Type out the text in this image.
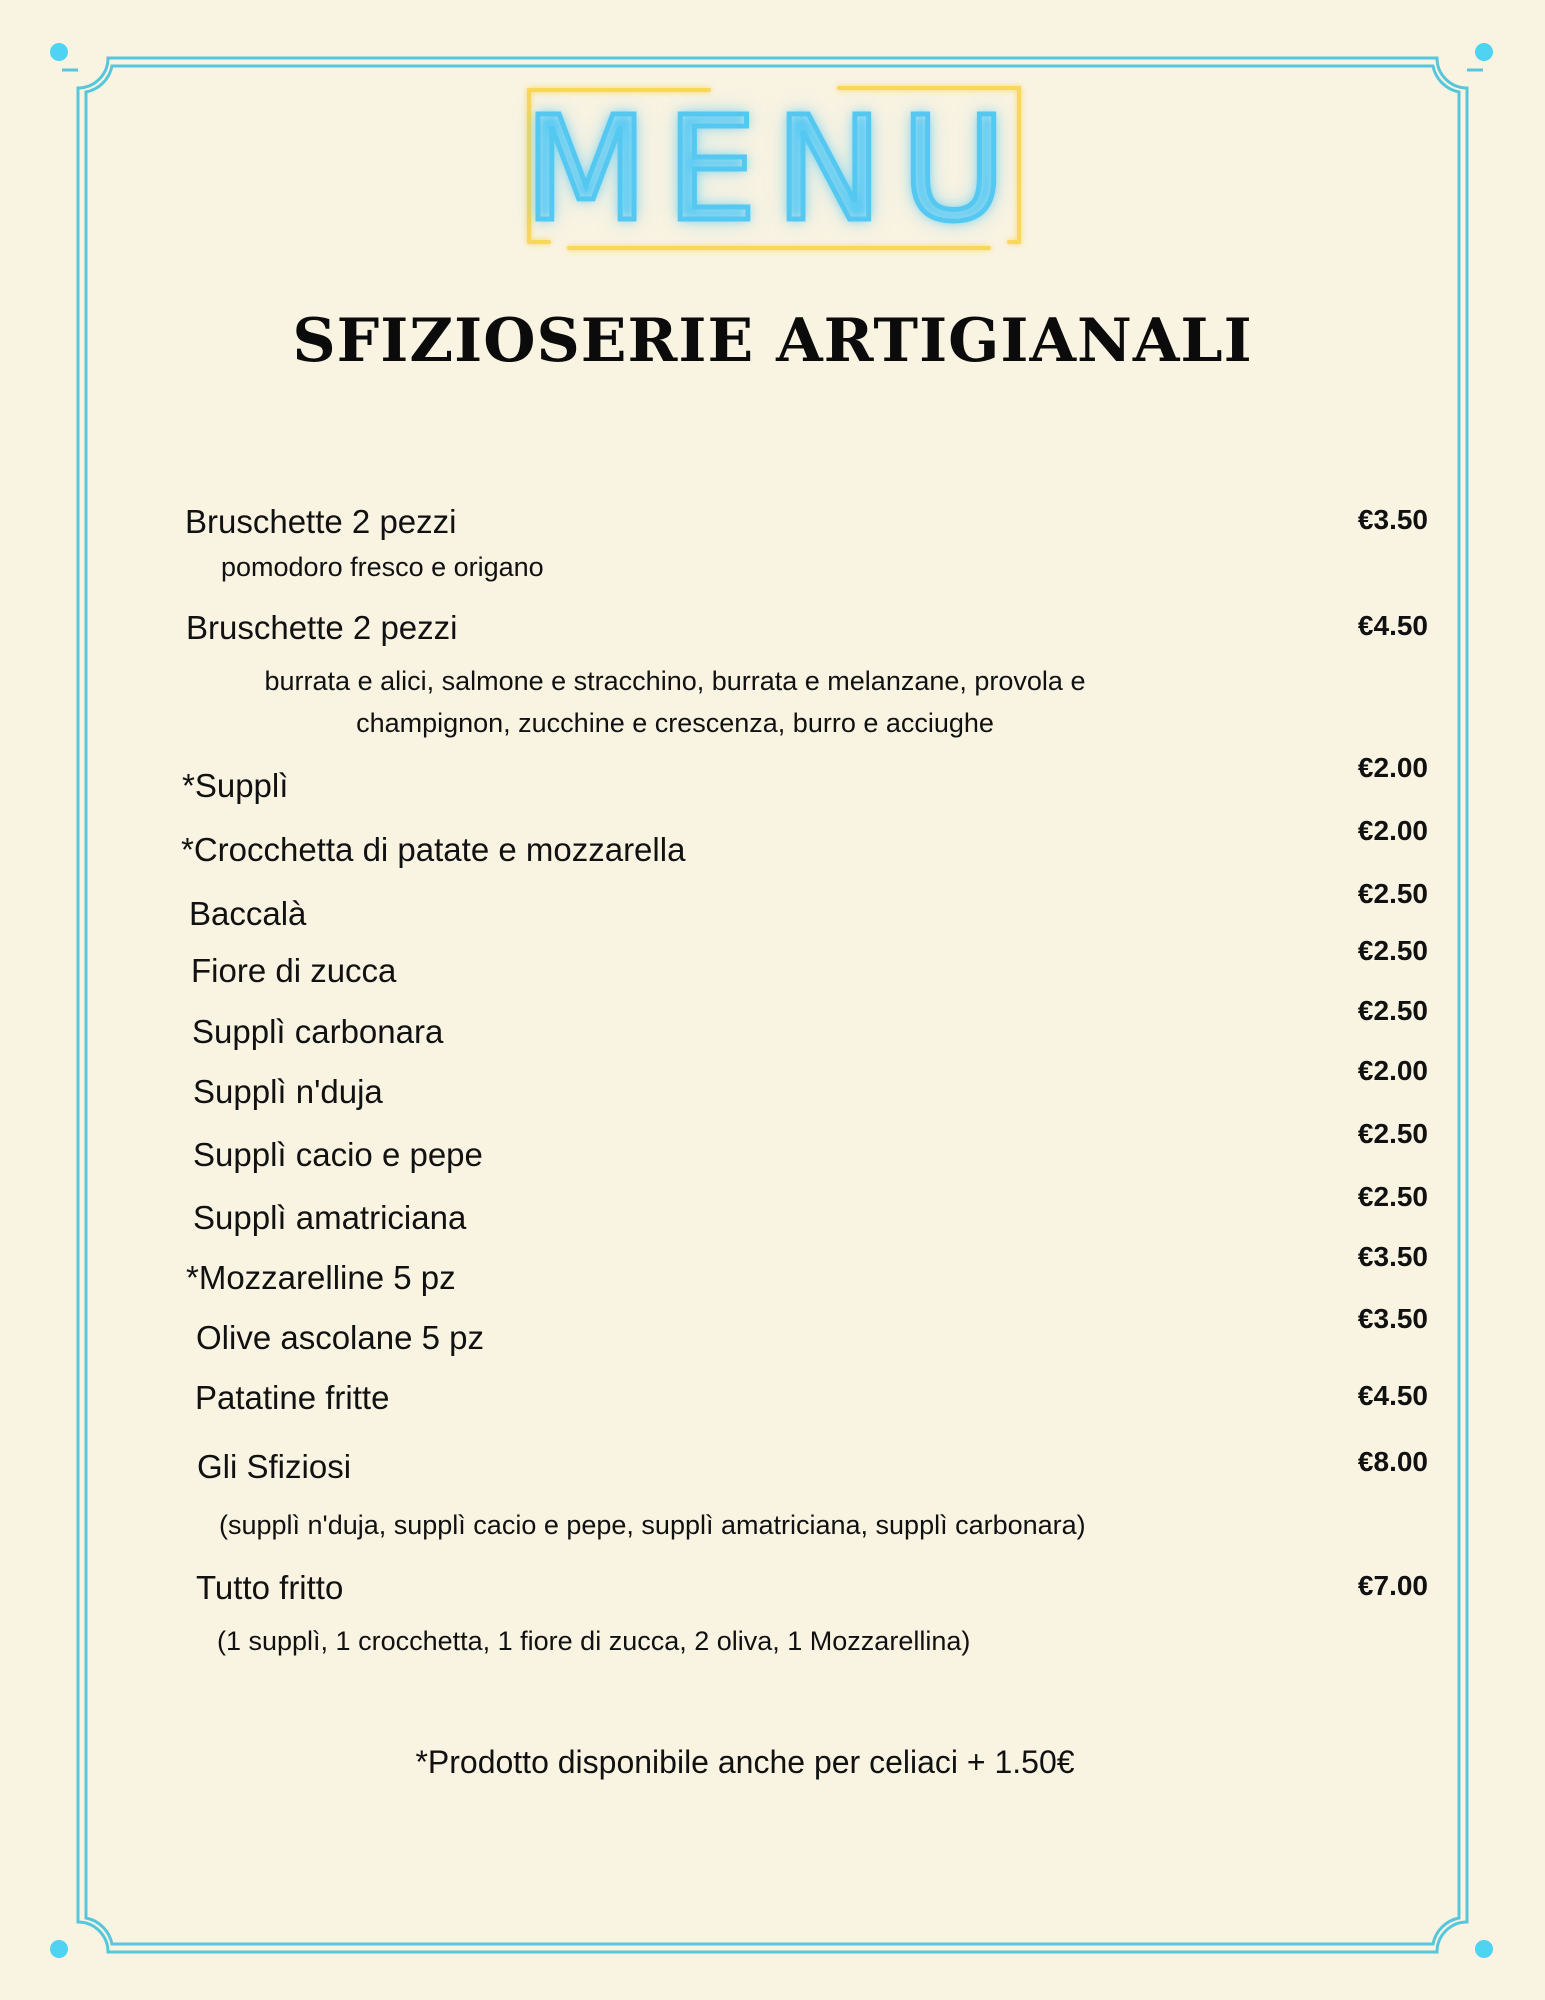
MENU
SFIZIOSERIE ARTIGIANALI
Bruschette 2 pezzi
pomodoro fresco e origano
€3.50
Bruschette 2 pezzi
burrata e alici, salmone e stracchino, burrata e melanzane, provola e
champignon, zucchine e crescenza, burro e acciughe
€4.50
*Supplì	€2.00
*Crocchetta di patate e mozzarella
€2.00
Baccalà
€2.50
Fiore di zucca
€2.50
Supplì carbonara
€2.50
Supplì n'duja
€2.00
Supplì cacio e pepe
€2.50
Supplì amatriciana
€2.50
*Mozzarelline 5 pz
€3.50
Olive ascolane 5 pz
€3.50
Patatine fritte	€4.50
Gli Sfiziosi
(supplì n'duja, supplì cacio e pepe, supplì amatriciana, supplì carbonara)
€8.00
Tutto fritto
(1 supplì, 1 crocchetta, 1 fiore di zucca, 2 oliva, 1 Mozzarellina)
€7.00
*Prodotto disponibile anche per celiaci + 1.50€
